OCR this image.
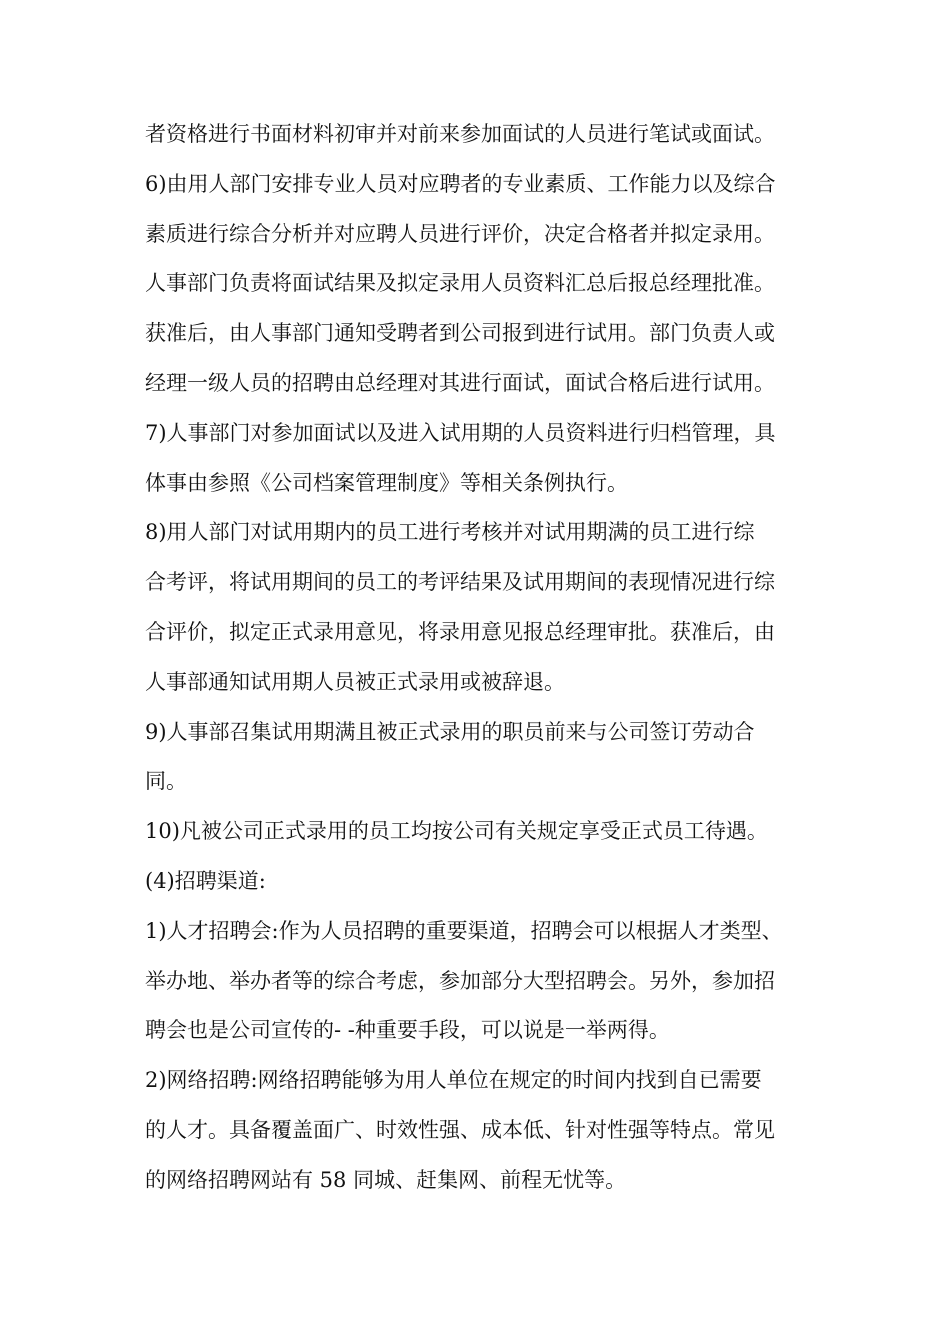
者资格进行书面材料初审并对前来参加面试的人员进行笔试或面试。
6)由用人部门安排专业人员对应聘者的专业素质、工作能力以及综合
素质进行综合分析并对应聘人员进行评价，决定合格者并拟定录用。
人事部门负责将面试结果及拟定录用人员资料汇总后报总经理批准。
获准后，由人事部门通知受聘者到公司报到进行试用。部门负责人或
经理一级人员的招聘由总经理对其进行面试，面试合格后进行试用。
7)人事部门对参加面试以及进入试用期的人员资料进行归档管理，具
体事由参照《公司档案管理制度》等相关条例执行。
8)用人部门对试用期内的员工进行考核并对试用期满的员工进行综
合考评，将试用期间的员工的考评结果及试用期间的表现情况进行综
合评价，拟定正式录用意见，将录用意见报总经理审批。获准后，由
人事部通知试用期人员被正式录用或被辞退。
9)人事部召集试用期满且被正式录用的职员前来与公司签订劳动合
同。
10)凡被公司正式录用的员工均按公司有关规定享受正式员工待遇。
(4)招聘渠道:
1)人才招聘会:作为人员招聘的重要渠道，招聘会可以根据人才类型、
举办地、举办者等的综合考虑，参加部分大型招聘会。另外，参加招
聘会也是公司宣传的- -种重要手段，可以说是一举两得。
2)网络招聘:网络招聘能够为用人单位在规定的时间内找到自已需要
的人才。具备覆盖面广、时效性强、成本低、针对性强等特点。常见
的网络招聘网站有 58 同城、赶集网、前程无忧等。
